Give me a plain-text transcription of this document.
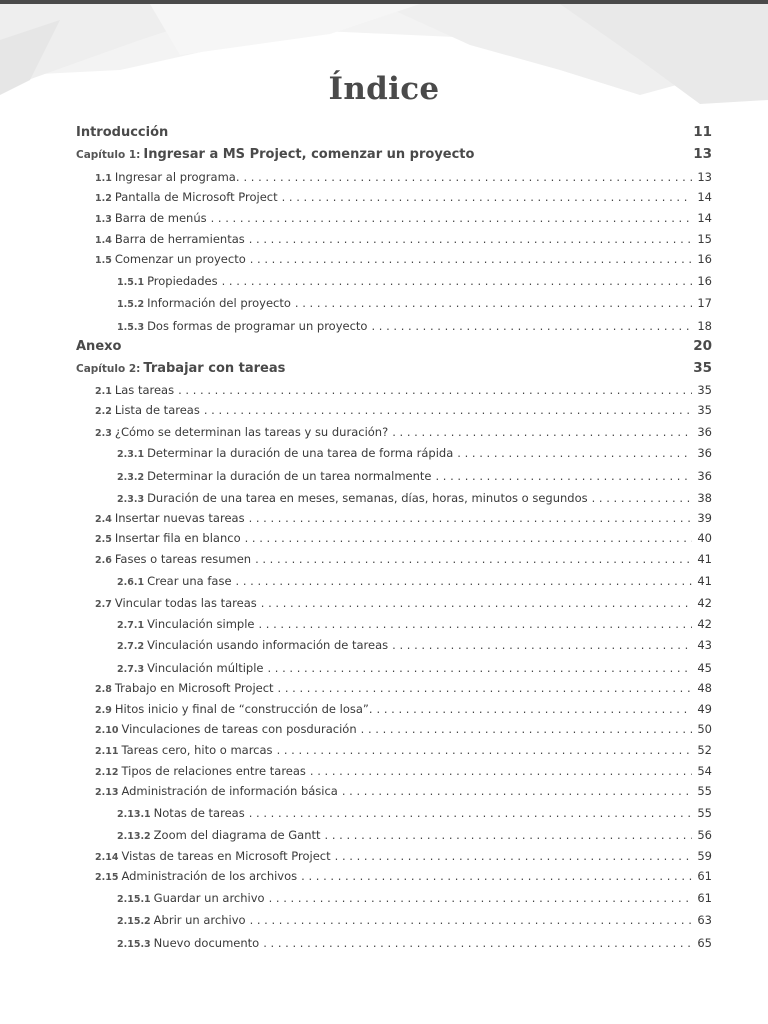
Índice
Introducción	11
Capítulo 1: Ingresar a MS Project, comenzar un proyecto	13
1.1 Ingresar al programa. . . .	13
1.2 Pantalla de Microsoft Project . . .	14
1.3 Barra de menús . . .	14
1.4 Barra de herramientas . . .	15
1.5 Comenzar un proyecto . . .	16
1.5.1 Propiedades . . .	16
1.5.2 Información del proyecto . . .	17
1.5.3 Dos formas de programar un proyecto . . .	18
Anexo	20
Capítulo 2: Trabajar con tareas	35
2.1 Las tareas . . .	35
2.2 Lista de tareas . . .	35
2.3 ¿Cómo se determinan las tareas y su duración? . . .	36
2.3.1 Determinar la duración de una tarea de forma rápida . . .	36
2.3.2 Determinar la duración de un tarea normalmente . . .	36
2.3.3 Duración de una tarea en meses, semanas, días, horas, minutos o segundos . . .	38
2.4 Insertar nuevas tareas . . .	39
2.5 Insertar fila en blanco . . .	40
2.6 Fases o tareas resumen . . .	41
2.6.1 Crear una fase . . .	41
2.7 Vincular todas las tareas . . .	42
2.7.1 Vinculación simple . . .	42
2.7.2 Vinculación usando información de tareas . . .	43
2.7.3 Vinculación múltiple . . .	45
2.8 Trabajo en Microsoft Project . . .	48
2.9 Hitos inicio y final de “construcción de losa”. . . .	49
2.10 Vinculaciones de tareas con posduración . . .	50
2.11 Tareas cero, hito o marcas . . .	52
2.12 Tipos de relaciones entre tareas . . .	54
2.13 Administración de información básica . . .	55
2.13.1 Notas de tareas . . .	55
2.13.2 Zoom del diagrama de Gantt . . .	56
2.14 Vistas de tareas en Microsoft Project . . .	59
2.15 Administración de los archivos . . .	61
2.15.1 Guardar un archivo . . .	61
2.15.2 Abrir un archivo . . .	63
2.15.3 Nuevo documento . . .	65
